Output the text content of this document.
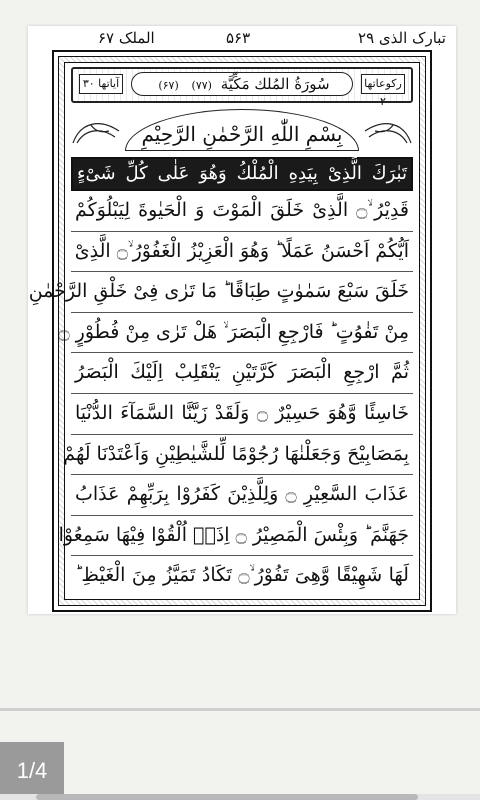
الملک ۶۷	۵۶۳	تبارک الذی ۲۹
آیاتها ۳۰	(۶۷)	سُورَةُ المُلك مَكِّيَّة (۷۷)	رکوعاتها ۲
بِسْمِ اللّٰهِ الرَّحْمٰنِ الرَّحِيْمِ
تَبٰرَكَ الَّذِیْ بِیَدِهِ الْمُلْكُ وَهُوَ عَلٰى كُلِّ شَیْءٍ
قَدِیْرُ ۙ۝ الَّذِیْ خَلَقَ الْمَوْتَ وَ الْحَیٰوةَ لِیَبْلُوَكُمْ
اَیُّكُمْ اَحْسَنُ عَمَلًا ؕ وَهُوَ الْعَزِیْزُ الْغَفُوْرُ ۙ۝ الَّذِیْ
خَلَقَ سَبْعَ سَمٰوٰتٍ طِبَاقًا ؕ مَا تَرٰى فِیْ خَلْقِ الرَّحْمٰنِ
مِنْ تَفٰوُتٍ ؕ فَارْجِعِ الْبَصَرَ ۙ هَلْ تَرٰى مِنْ فُطُوْرٍ ۝
ثُمَّ ارْجِعِ الْبَصَرَ كَرَّتَیْنِ یَنْقَلِبْ اِلَیْكَ الْبَصَرُ
خَاسِئًا وَّهُوَ حَسِیْرٌ ۝ وَلَقَدْ زَیَّنَّا السَّمَآءَ الدُّنْیَا
بِمَصَابِیْحَ وَجَعَلْنٰهَا رُجُوْمًا لِّلشَّیٰطِیْنِ وَاَعْتَدْنَا لَهُمْ
عَذَابَ السَّعِیْرِ ۝ وَلِلَّذِیْنَ كَفَرُوْا بِرَبِّهِمْ عَذَابُ
جَهَنَّمَ ؕ وَبِئْسَ الْمَصِیْرُ ۝ اِذَاۤ اُلْقُوْا فِیْهَا سَمِعُوْا
لَهَا شَهِیْقًا وَّهِیَ تَفُوْرُ ۙ۝ تَكَادُ تَمَیَّزُ مِنَ الْغَیْظِ ؕ
1/4
